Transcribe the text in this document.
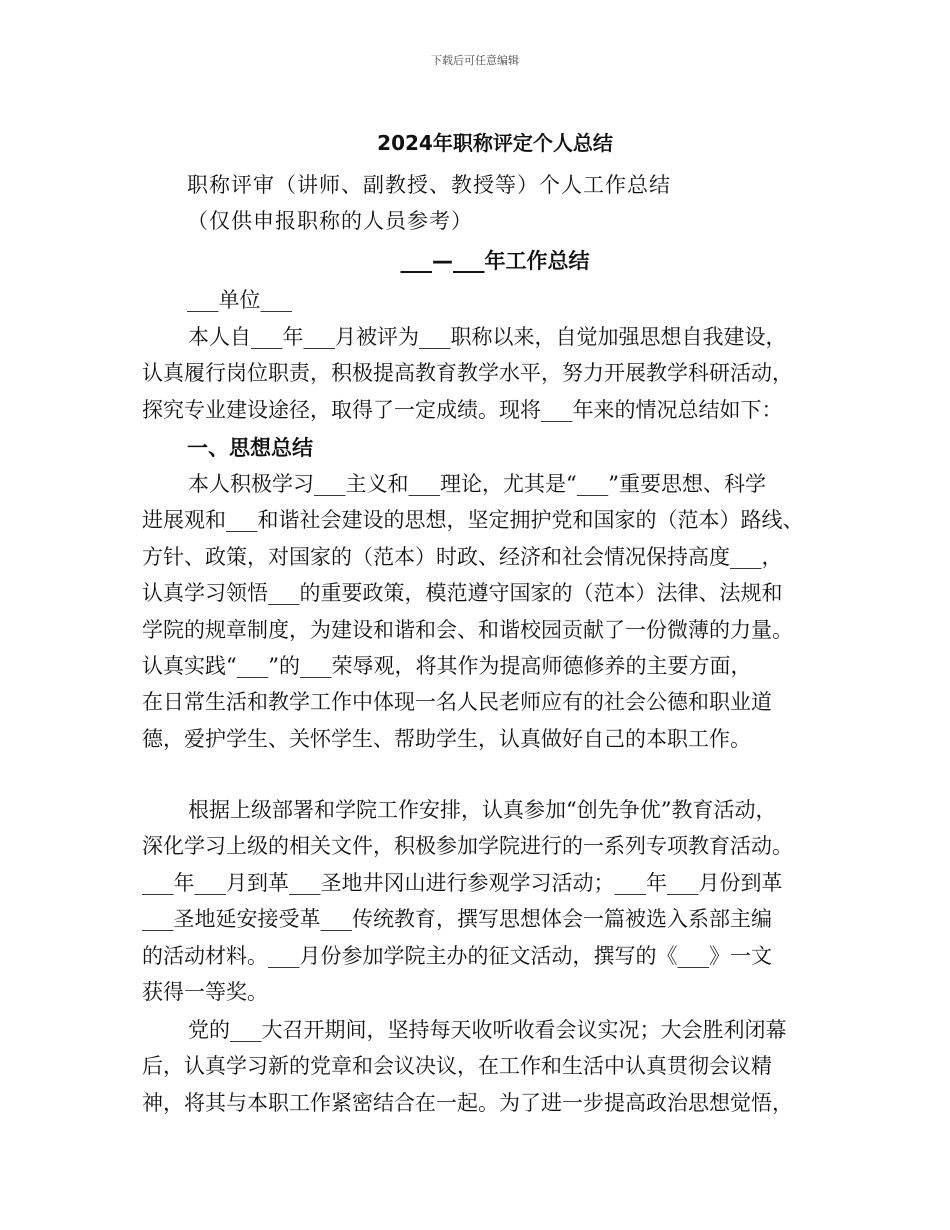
下载后可任意编辑
2024年职称评定个人总结
职称评审（讲师、副教授、教授等）个人工作总结
（仅供申报职称的人员参考）
___—___年工作总结
___单位___
本人自___年___月被评为___职称以来，自觉加强思想自我建设，
认真履行岗位职责，积极提高教育教学水平，努力开展教学科研活动，
探究专业建设途径，取得了一定成绩。现将___年来的情况总结如下：
一、思想总结
本人积极学习___主义和___理论，尤其是“___”重要思想、科学
进展观和___和谐社会建设的思想，坚定拥护党和国家的（范本）路线、
方针、政策，对国家的（范本）时政、经济和社会情况保持高度___，
认真学习领悟___的重要政策，模范遵守国家的（范本）法律、法规和
学院的规章制度，为建设和谐和会、和谐校园贡献了一份微薄的力量。
认真实践“___”的___荣辱观，将其作为提高师德修养的主要方面，
在日常生活和教学工作中体现一名人民老师应有的社会公德和职业道
德，爱护学生、关怀学生、帮助学生，认真做好自己的本职工作。
根据上级部署和学院工作安排，认真参加“创先争优”教育活动，
深化学习上级的相关文件，积极参加学院进行的一系列专项教育活动。
___年___月到革___圣地井冈山进行参观学习活动；___年___月份到革
___圣地延安接受革___传统教育，撰写思想体会一篇被选入系部主编
的活动材料。___月份参加学院主办的征文活动，撰写的《___》一文
获得一等奖。
党的___大召开期间，坚持每天收听收看会议实况；大会胜利闭幕
后，认真学习新的党章和会议决议，在工作和生活中认真贯彻会议精
神，将其与本职工作紧密结合在一起。为了进一步提高政治思想觉悟，
